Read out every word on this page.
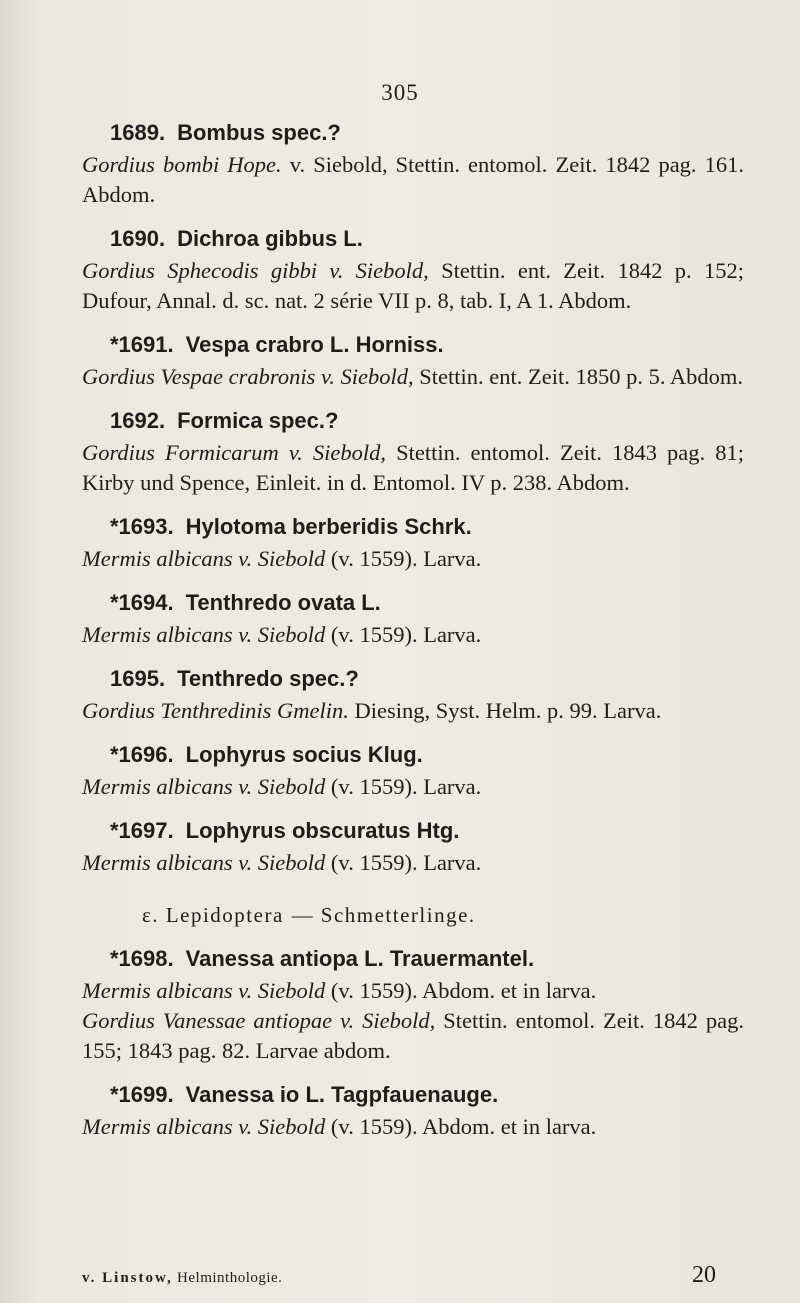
305
1689. Bombus spec.?
Gordius bombi Hope. v. Siebold, Stettin. entomol. Zeit. 1842 pag. 161. Abdom.
1690. Dichroa gibbus L.
Gordius Sphecodis gibbi v. Siebold, Stettin. ent. Zeit. 1842 p. 152; Dufour, Annal. d. sc. nat. 2 série VII p. 8, tab. I, A 1. Abdom.
*1691. Vespa crabro L. Horniss.
Gordius Vespae crabronis v. Siebold, Stettin. ent. Zeit. 1850 p. 5. Abdom.
1692. Formica spec.?
Gordius Formicarum v. Siebold, Stettin. entomol. Zeit. 1843 pag. 81; Kirby und Spence, Einleit. in d. Entomol. IV p. 238. Abdom.
*1693. Hylotoma berberidis Schrk.
Mermis albicans v. Siebold (v. 1559). Larva.
*1694. Tenthredo ovata L.
Mermis albicans v. Siebold (v. 1559). Larva.
1695. Tenthredo spec.?
Gordius Tenthredinis Gmelin. Diesing, Syst. Helm. p. 99. Larva.
*1696. Lophyrus socius Klug.
Mermis albicans v. Siebold (v. 1559). Larva.
*1697. Lophyrus obscuratus Htg.
Mermis albicans v. Siebold (v. 1559). Larva.
ε. Lepidoptera — Schmetterlinge.
*1698. Vanessa antiopa L. Trauermantel.
Mermis albicans v. Siebold (v. 1559). Abdom. et in larva.
Gordius Vanessae antiopae v. Siebold, Stettin. entomol. Zeit. 1842 pag. 155; 1843 pag. 82. Larvae abdom.
*1699. Vanessa io L. Tagpfauenauge.
Mermis albicans v. Siebold (v. 1559). Abdom. et in larva.
v. Linstow, Helminthologie.	20
